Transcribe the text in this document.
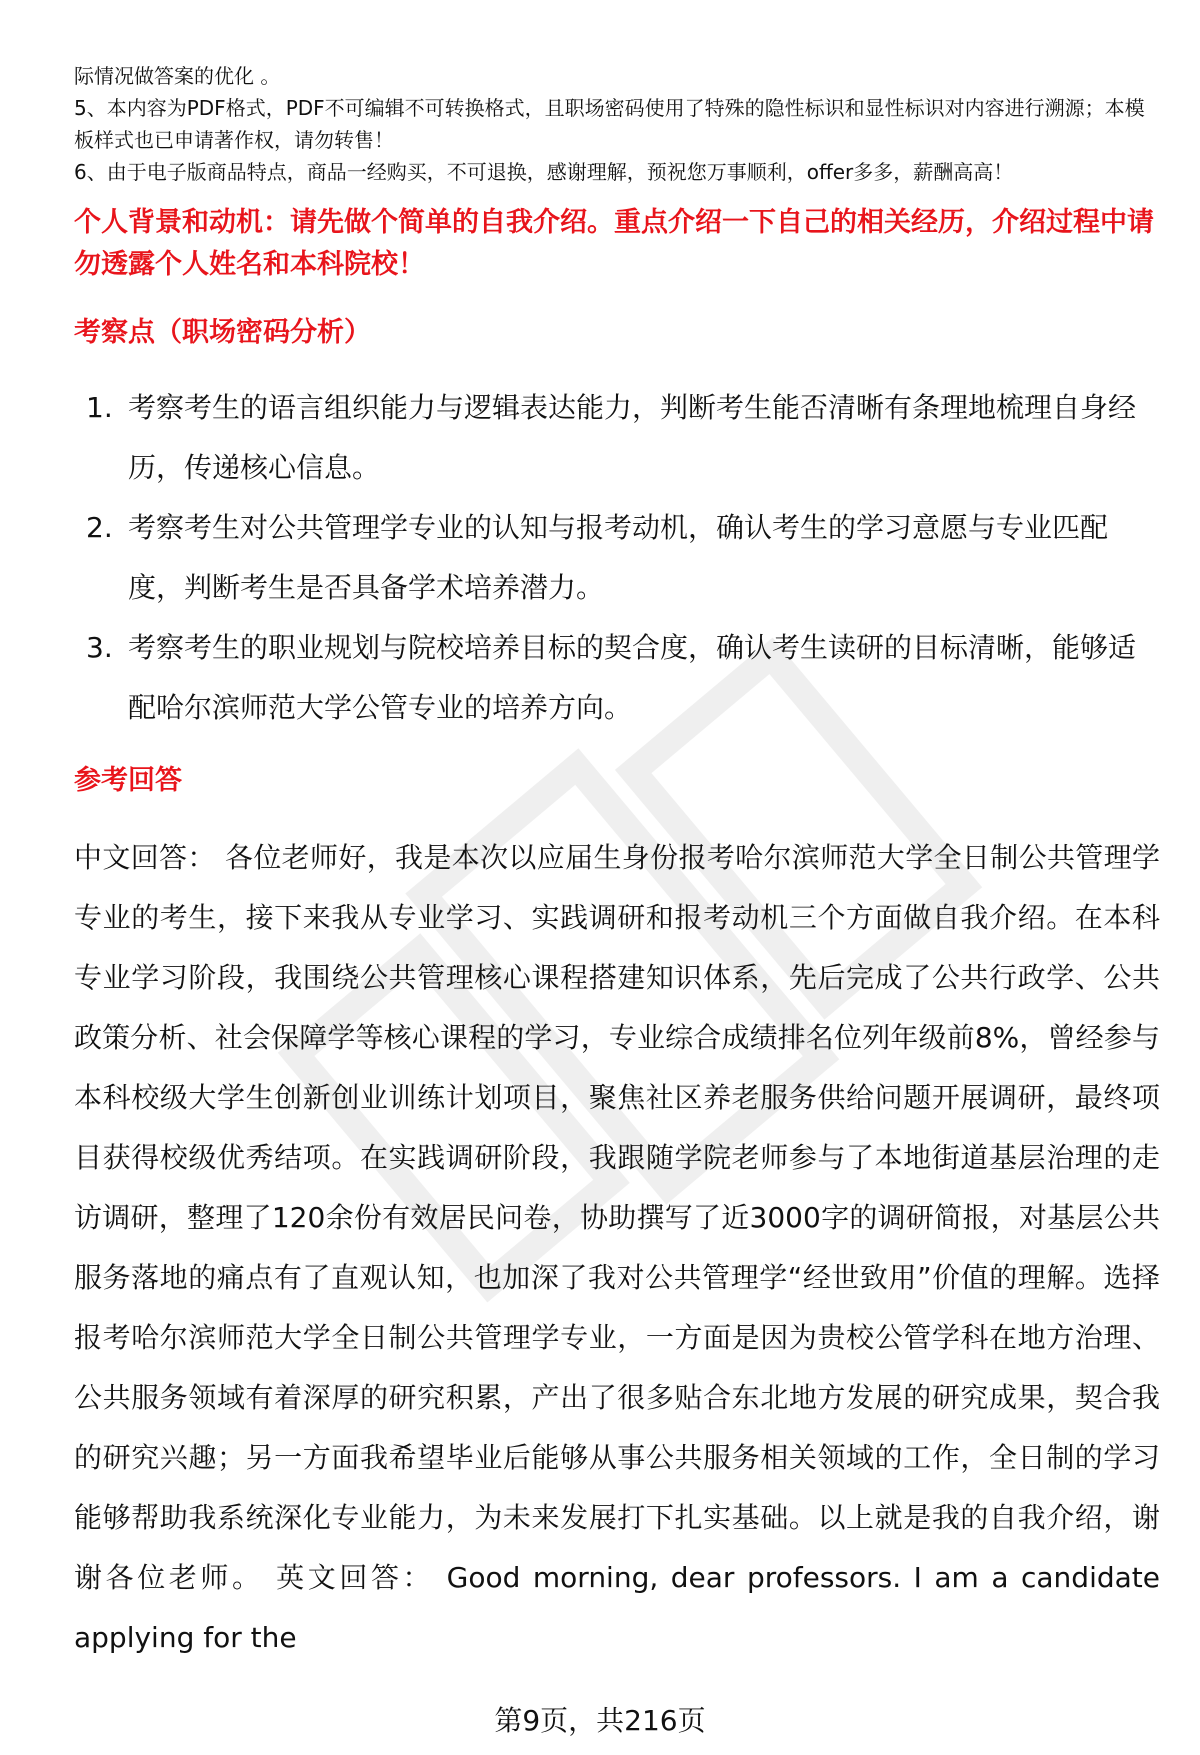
际情况做答案的优化 。

5、本内容为PDF格式，PDF不可编辑不可转换格式，且职场密码使用了特殊的隐性标识和显性标识对内容进行溯源；本模板样式也已申请著作权，请勿转售！

6、由于电子版商品特点，商品一经购买，不可退换，感谢理解，预祝您万事顺利，offer多多，薪酬高高！

个人背景和动机：请先做个简单的自我介绍。重点介绍一下自己的相关经历，介绍过程中请勿透露个人姓名和本科院校！

考察点（职场密码分析）

1. 考察考生的语言组织能力与逻辑表达能力，判断考生能否清晰有条理地梳理自身经历，传递核心信息。
2. 考察考生对公共管理学专业的认知与报考动机，确认考生的学习意愿与专业匹配度，判断考生是否具备学术培养潜力。
3. 考察考生的职业规划与院校培养目标的契合度，确认考生读研的目标清晰，能够适配哈尔滨师范大学公管专业的培养方向。

参考回答

中文回答： 各位老师好，我是本次以应届生身份报考哈尔滨师范大学全日制公共管理学专业的考生，接下来我从专业学习、实践调研和报考动机三个方面做自我介绍。在本科专业学习阶段，我围绕公共管理核心课程搭建知识体系，先后完成了公共行政学、公共政策分析、社会保障学等核心课程的学习，专业综合成绩排名位列年级前8%，曾经参与本科校级大学生创新创业训练计划项目，聚焦社区养老服务供给问题开展调研，最终项目获得校级优秀结项。在实践调研阶段，我跟随学院老师参与了本地街道基层治理的走访调研，整理了120余份有效居民问卷，协助撰写了近3000字的调研简报，对基层公共服务落地的痛点有了直观认知，也加深了我对公共管理学“经世致用”价值的理解。选择报考哈尔滨师范大学全日制公共管理学专业，一方面是因为贵校公管学科在地方治理、公共服务领域有着深厚的研究积累，产出了很多贴合东北地方发展的研究成果，契合我的研究兴趣；另一方面我希望毕业后能够从事公共服务相关领域的工作，全日制的学习能够帮助我系统深化专业能力，为未来发展打下扎实基础。以上就是我的自我介绍，谢谢各位老师。 英文回答： Good morning, dear professors. I am a candidate applying for the

第9页，共216页
